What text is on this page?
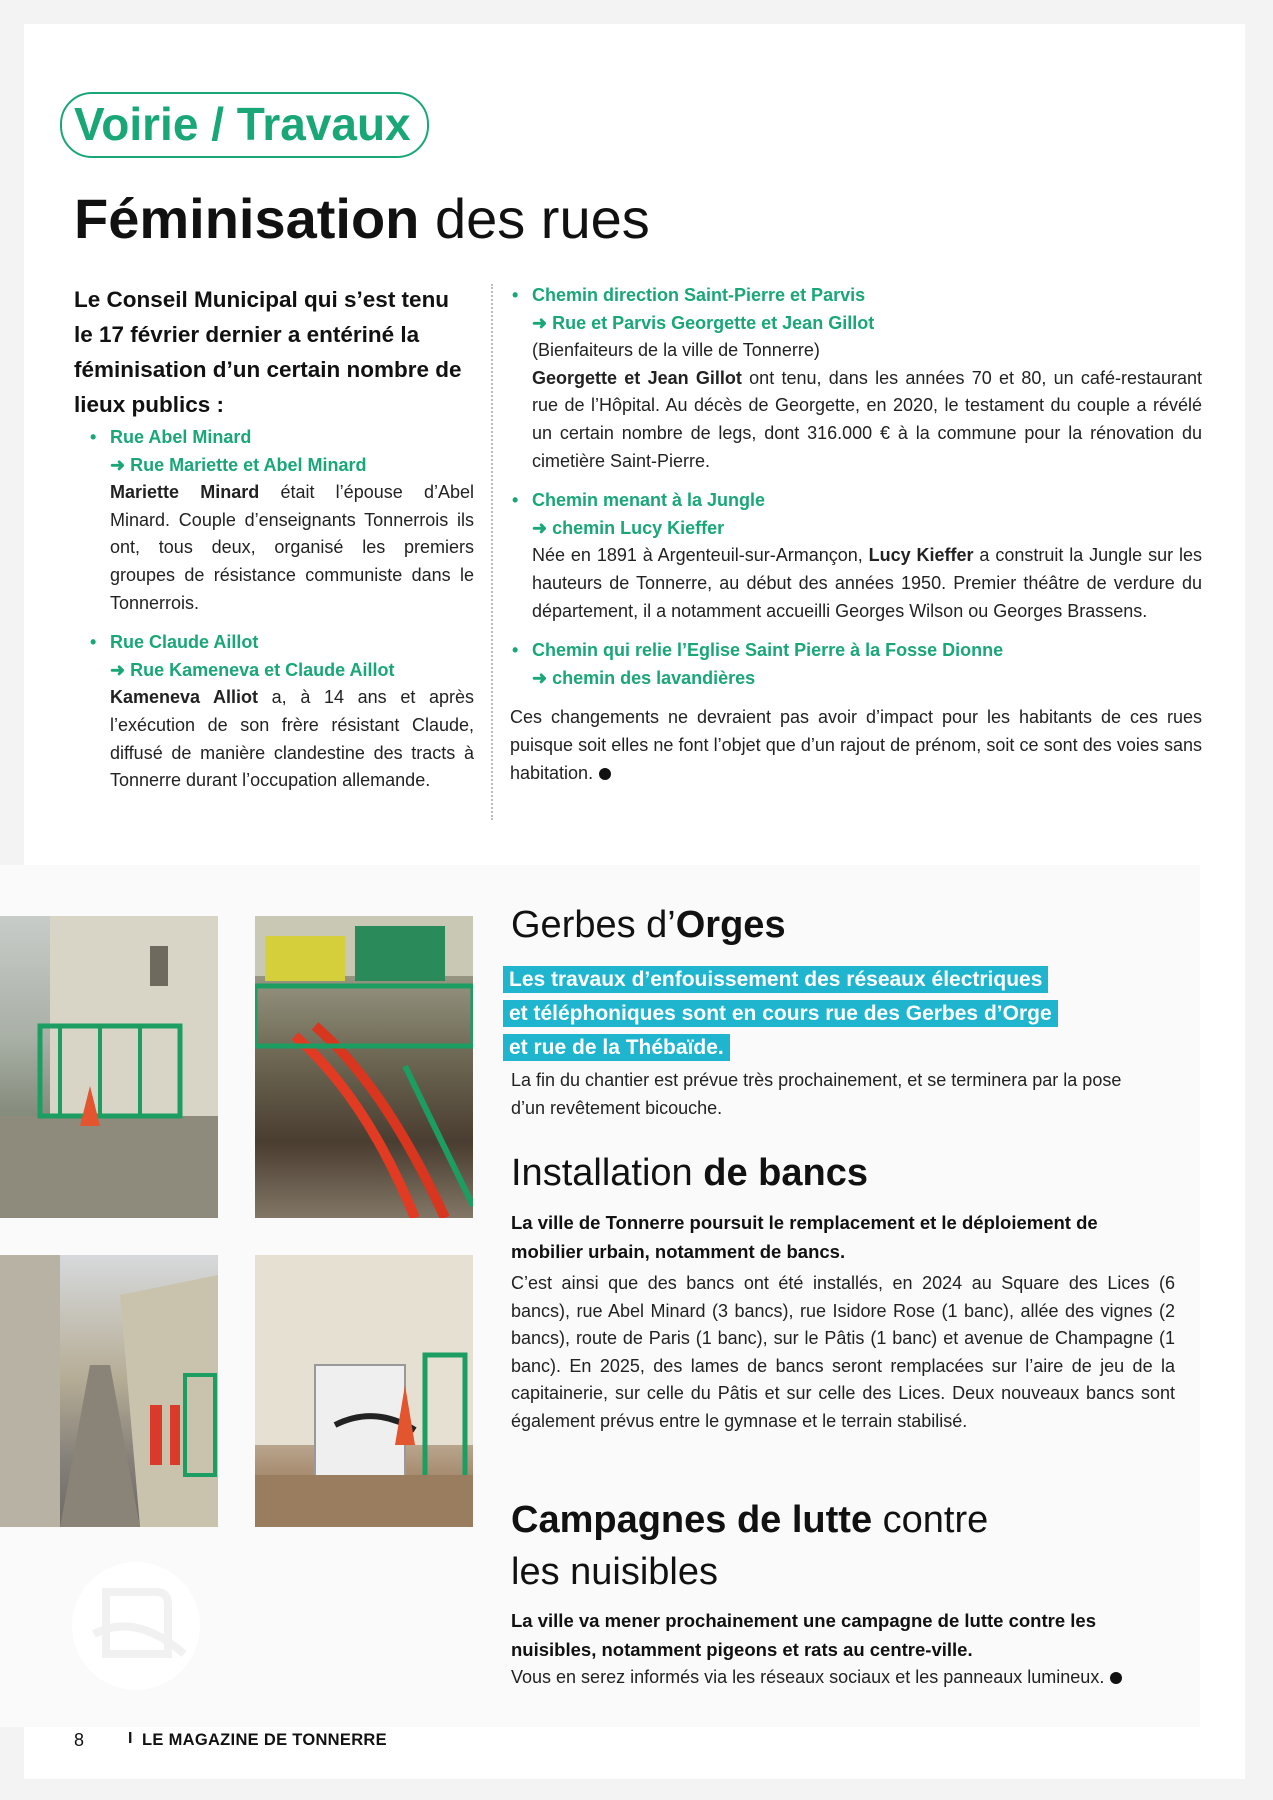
Voirie / Travaux
Féminisation des rues
Le Conseil Municipal qui s’est tenu le 17 février dernier a entériné la féminisation d’un certain nombre de lieux publics :
• Rue Abel Minard
➜ Rue Mariette et Abel Minard
Mariette Minard était l’épouse d’Abel Minard. Couple d’enseignants Tonnerrois ils ont, tous deux, organisé les premiers groupes de résistance communiste dans le Tonnerrois.
• Rue Claude Aillot
➜ Rue Kameneva et Claude Aillot
Kameneva Alliot a, à 14 ans et après l’exécution de son frère résistant Claude, diffusé de manière clandestine des tracts à Tonnerre durant l’occupation allemande.
• Chemin direction Saint-Pierre et Parvis
➜ Rue et Parvis Georgette et Jean Gillot
(Bienfaiteurs de la ville de Tonnerre)
Georgette et Jean Gillot ont tenu, dans les années 70 et 80, un café-restaurant rue de l’Hôpital. Au décès de Georgette, en 2020, le testament du couple a révélé un certain nombre de legs, dont 316.000 € à la commune pour la rénovation du cimetière Saint-Pierre.
• Chemin menant à la Jungle
➜ chemin Lucy Kieffer
Née en 1891 à Argenteuil-sur-Armançon, Lucy Kieffer a construit la Jungle sur les hauteurs de Tonnerre, au début des années 1950. Premier théâtre de verdure du département, il a notamment accueilli Georges Wilson ou Georges Brassens.
• Chemin qui relie l’Eglise Saint Pierre à la Fosse Dionne
➜ chemin des lavandières
Ces changements ne devraient pas avoir d’impact pour les habitants de ces rues puisque soit elles ne font l’objet que d’un rajout de prénom, soit ce sont des voies sans habitation.
Gerbes d’Orges
Les travaux d’enfouissement des réseaux électriques
et téléphoniques sont en cours rue des Gerbes d’Orge
et rue de la Thébaïde.
La fin du chantier est prévue très prochainement, et se terminera par la pose d’un revêtement bicouche.
Installation de bancs
La ville de Tonnerre poursuit le remplacement et le déploiement de mobilier urbain, notamment de bancs.
C’est ainsi que des bancs ont été installés, en 2024 au Square des Lices (6 bancs), rue Abel Minard (3 bancs), rue Isidore Rose (1 banc), allée des vignes (2 bancs), route de Paris (1 banc), sur le Pâtis (1 banc) et avenue de Champagne (1 banc). En 2025, des lames de bancs seront remplacées sur l’aire de jeu de la capitainerie, sur celle du Pâtis et sur celle des Lices. Deux nouveaux bancs sont également prévus entre le gymnase et le terrain stabilisé.
Campagnes de lutte contre
les nuisibles
La ville va mener prochainement une campagne de lutte contre les nuisibles, notamment pigeons et rats au centre-ville.
Vous en serez informés via les réseaux sociaux et les panneaux lumineux.
8	I LE MAGAZINE DE TONNERRE
